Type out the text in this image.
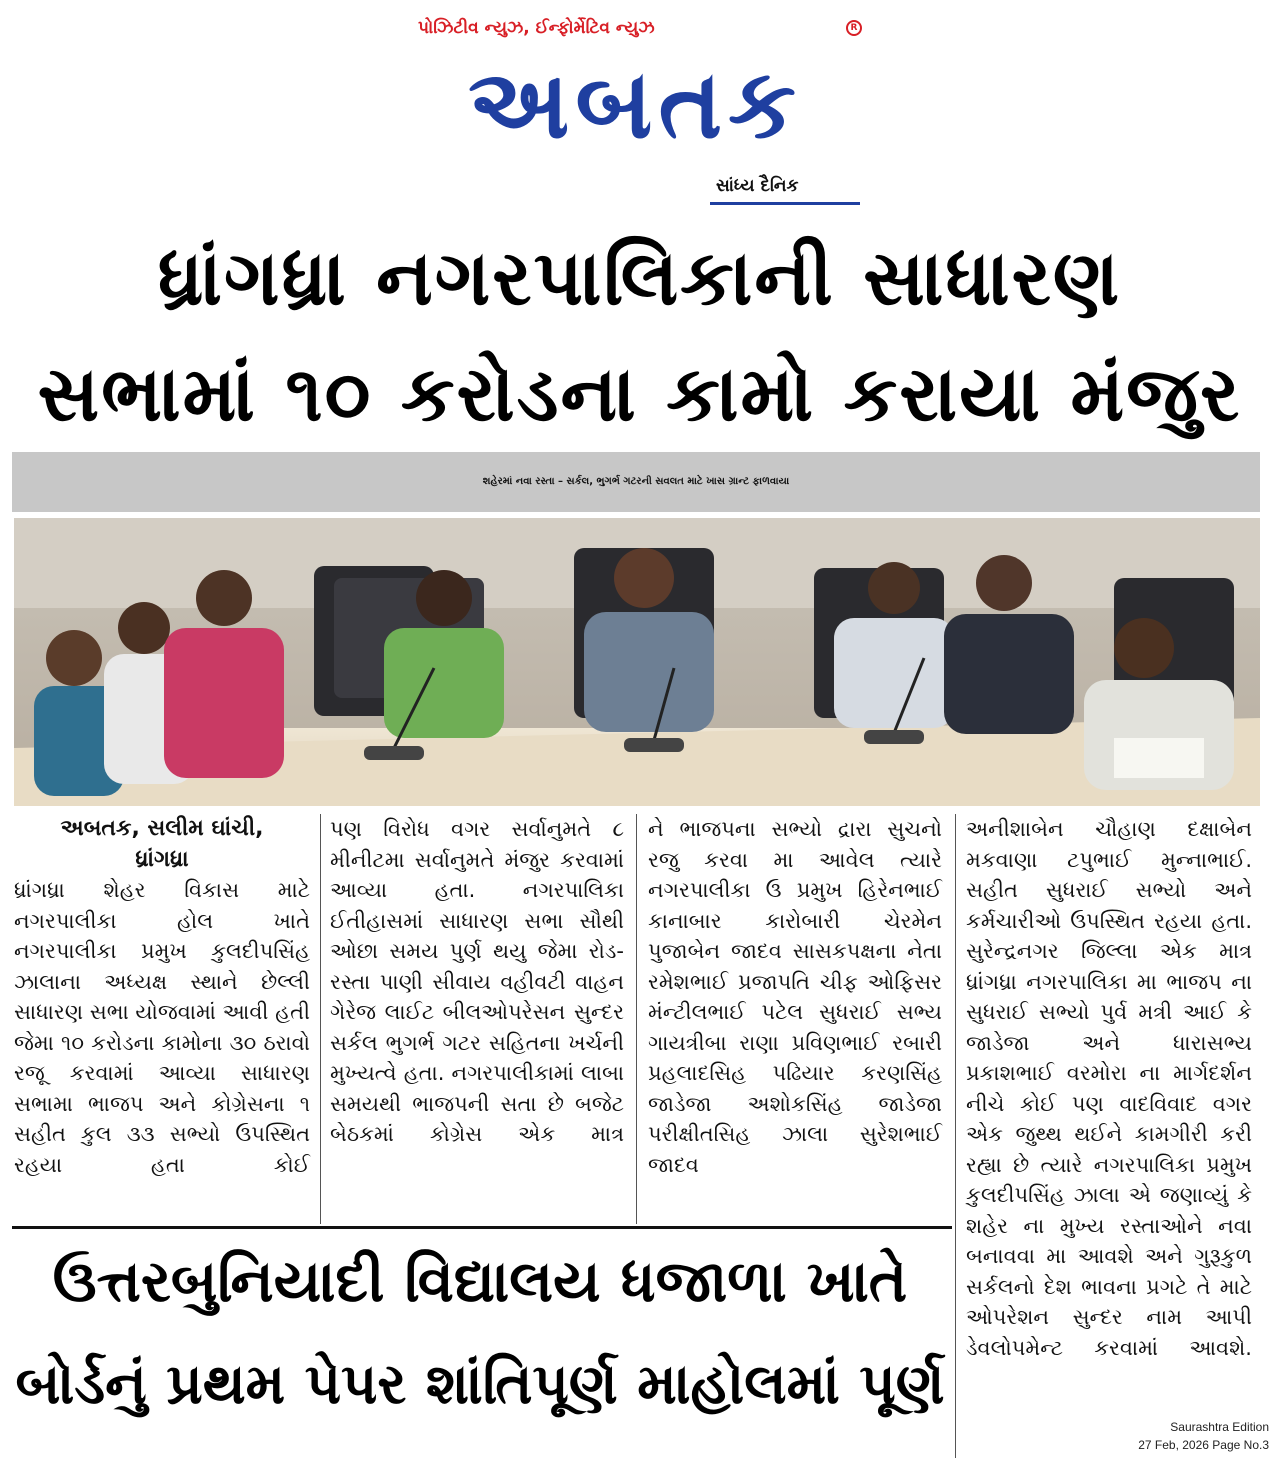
પોઝિટીવ ન્યુઝ, ઈન્ફોર્મેટિવ ન્યુઝ	R
અબતક
સાંધ્ય દૈનિક
ધ્રાંગધ્રા નગરપાલિકાની સાધારણ
સભામાં ૧૦ કરોડના કામો કરાયા મંજુર
શહેરમાં નવા રસ્તા – સર્કલ, ભુગર્ભ ગટરની સવલત માટે ખાસ ગ્રાન્ટ ફાળવાયા
અબતક, સલીમ ઘાંચી,
ધ્રાંગધ્રા

ધ્રાંગધ્રા શેહર વિકાસ માટે નગરપાલીકા હોલ ખાતે નગરપાલીકા પ્રમુખ કુલદીપસિંહ ઝાલાના અધ્યક્ષ સ્થાને છેલ્લી સાધારણ સભા યોજવામાં આવી હતી જેમા ૧૦ કરોડના કામોના ૩૦ ઠરાવો રજૂ કરવામાં આવ્યા સાધારણ સભામા ભાજપ અને કોગ્રેસના ૧ સહીત કુલ ૩૩ સભ્યો ઉપસ્થિત રહયા હતા કોઈ

પણ વિરોધ વગર સર્વાનુમતે ૮ મીનીટમા સર્વાનુમતે મંજુર કરવામાં આવ્યા હતા. નગરપાલિકા ઈતીહાસમાં સાધારણ સભા સૌથી ઓછા સમય પુર્ણ થયુ જેમા રોડ-રસ્તા પાણી સીવાય વહીવટી વાહન ગેરેજ લાઈટ બીલઓપરેસન સુન્દર સર્કલ ભુગર્ભ ગટર સહિતના ખર્ચની મુખ્યત્વે હતા. નગરપાલીકામાં લાબા સમયથી ભાજપની સતા છે બજેટ બેઠકમાં કોગ્રેસ એક માત્ર

ને ભાજપના સભ્યો દ્રારા સુચનો રજુ કરવા મા આવેલ ત્યારે નગરપાલીકા ઉ પ્રમુખ હિરેનભાઈ કાનાબાર કારોબારી ચેરમેન પુજાબેન જાદવ સાસકપક્ષના નેતા રમેશભાઈ પ્રજાપતિ ચીફ ઓફિસર મંન્ટીલભાઈ પટેલ સુધરાઈ સભ્ય ગાયત્રીબા રાણા પ્રવિણભાઈ રબારી પ્રહલાદસિહ પઢિયાર કરણસિંહ જાડેજા અશોકસિંહ જાડેજા પરીક્ષીતસિહ ઝાલા સુરેશભાઈ જાદવ

અનીશાબેન ચૌહાણ દક્ષાબેન મકવાણા ટપુભાઈ મુન્નાભાઈ. સહીત સુધરાઈ સભ્યો અને કર્મચારીઓ ઉપસ્થિત રહયા હતા. સુરેન્દ્રનગર જિલ્લા એક માત્ર ધ્રાંગધ્રા નગરપાલિકા મા ભાજપ ના સુધરાઈ સભ્યો પુર્વ મત્રી આઈ કે જાડેજા અને ધારાસભ્ય પ્રકાશભાઈ વરમોરા ના માર્ગદર્શન નીચે કોઈ પણ વાદવિવાદ વગર એક જુથ્થ થઈને કામગીરી કરી રહ્યા છે ત્યારે નગરપાલિકા પ્રમુખ કુલદીપસિંહ ઝાલા એ જણાવ્યું કે શહેર ના મુખ્ય રસ્તાઓને નવા બનાવવા મા આવશે અને ગુરૂકુળ સર્કલનો દેશ ભાવના પ્રગટે તે માટે ઓપરેશન સુન્દર નામ આપી ડેવલોપમેન્ટ કરવામાં આવશે.

ઉત્તરબુનિયાદી વિદ્યાલય ધજાળા ખાતે
બોર્ડનું પ્રથમ પેપર શાંતિપૂર્ણ માહોલમાં પૂર્ણ
Saurashtra Edition
27 Feb, 2026 Page No.3
